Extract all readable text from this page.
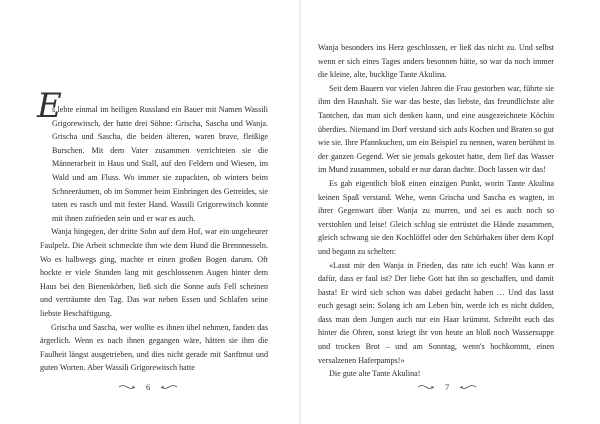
E
s lebte einmal im heiligen Russland ein Bauer mit Namen Wassili Grigorewitsch, der hatte drei Söhne: Grischa, Sascha und Wanja. Grischa und Sascha, die beiden älteren, waren brave, fleißige Burschen. Mit dem Vater zusammen verrichteten sie die Männerarbeit in Haus und Stall, auf den Feldern und Wiesen, im Wald und am Fluss. Wo immer sie zupackten, ob winters beim Schneeräumen, ob im Sommer beim Einbringen des Getreides, sie taten es rasch und mit fester Hand. Wassili Grigorewitsch konnte mit ihnen zufrieden sein und er war es auch.

Wanja hingegen, der dritte Sohn auf dem Hof, war ein ungeheurer Faulpelz. Die Arbeit schmeckte ihm wie dem Hund die Brennnesseln. Wo es halbwegs ging, machte er einen großen Bogen darum. Oft hockte er viele Stunden lang mit geschlossenen Augen hinter dem Haus bei den Bienenkörben, ließ sich die Sonne aufs Fell scheinen und verträumte den Tag. Das war neben Essen und Schlafen seine liebste Beschäftigung.

Grischa und Sascha, wer wollte es ihnen übel nehmen, fanden das ärgerlich. Wenn es nach ihnen gegangen wäre, hätten sie ihm die Faulheit längst ausgetrieben, und dies nicht gerade mit Sanftmut und guten Worten. Aber Wassili Grigorewitsch hatte

6

Wanja besonders ins Herz geschlossen, er ließ das nicht zu. Und selbst wenn er sich eines Tages anders besonnen hätte, so war da noch immer die kleine, alte, bucklige Tante Akulina.

Seit dem Bauern vor vielen Jahren die Frau gestorben war, führte sie ihm den Haushalt. Sie war das beste, das liebste, das freundlichste alte Tantchen, das man sich denken kann, und eine ausgezeichnete Köchin überdies. Niemand im Dorf verstand sich aufs Kochen und Braten so gut wie sie. Ihre Pfannkuchen, um ein Beispiel zu nennen, waren berühmt in der ganzen Gegend. Wer sie jemals gekostet hatte, dem lief das Wasser im Mund zusammen, sobald er nur daran dachte. Doch lassen wir das!

Es gab eigentlich bloß einen einzigen Punkt, worin Tante Akulina keinen Spaß verstand. Wehe, wenn Grischa und Sascha es wagten, in ihrer Gegenwart über Wanja zu murren, und sei es auch noch so verstohlen und leise! Gleich schlug sie entrüstet die Hände zusammen, gleich schwang sie den Kochlöffel oder den Schürhaken über dem Kopf und begann zu schelten:

«Lasst mir den Wanja in Frieden, das rate ich euch! Was kann er dafür, dass er faul ist? Der liebe Gott hat ihn so geschaffen, und damit basta! Er wird sich schon was dabei gedacht haben … Und das lasst euch gesagt sein: Solang ich am Leben bin, werde ich es nicht dulden, dass man dem Jungen auch nur ein Haar krümmt. Schreibt euch das hinter die Ohren, sonst kriegt ihr von heute an bloß noch Wassersuppe und trocken Brot – und am Sonntag, wenn's hochkommt, einen versalzenen Haferpamps!»

Die gute alte Tante Akulina!

7
